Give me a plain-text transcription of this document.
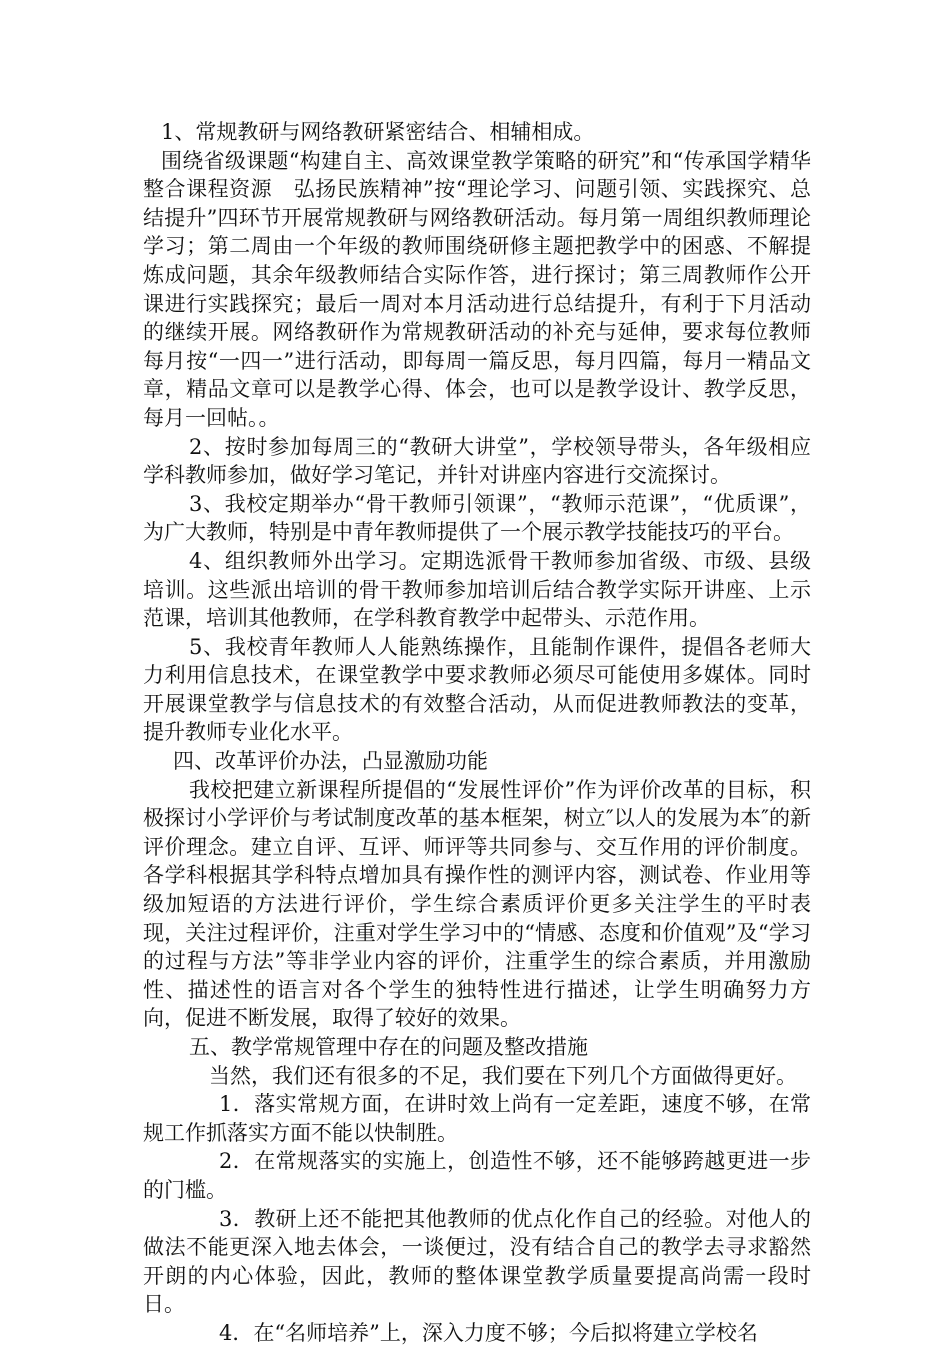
1、常规教研与网络教研紧密结合、相辅相成。

围绕省级课题“构建自主、高效课堂教学策略的研究”和“传承国学精华　整合课程资源　弘扬民族精神”按“理论学习、问题引领、实践探究、总结提升”四环节开展常规教研与网络教研活动。每月第一周组织教师理论学习；第二周由一个年级的教师围绕研修主题把教学中的困惑、不解提炼成问题，其余年级教师结合实际作答，进行探讨；第三周教师作公开课进行实践探究；最后一周对本月活动进行总结提升，有利于下月活动的继续开展。网络教研作为常规教研活动的补充与延伸，要求每位教师每月按“一四一”进行活动，即每周一篇反思，每月四篇，每月一精品文章，精品文章可以是教学心得、体会，也可以是教学设计、教学反思，每月一回帖。。

2、按时参加每周三的“教研大讲堂”，学校领导带头，各年级相应学科教师参加，做好学习笔记，并针对讲座内容进行交流探讨。

3、我校定期举办“骨干教师引领课”，“教师示范课”，“优质课”，为广大教师，特别是中青年教师提供了一个展示教学技能技巧的平台。

4、组织教师外出学习。定期选派骨干教师参加省级、市级、县级培训。这些派出培训的骨干教师参加培训后结合教学实际开讲座、上示范课，培训其他教师，在学科教育教学中起带头、示范作用。

5、我校青年教师人人能熟练操作，且能制作课件，提倡各老师大力利用信息技术，在课堂教学中要求教师必须尽可能使用多媒体。同时开展课堂教学与信息技术的有效整合活动，从而促进教师教法的变革，提升教师专业化水平。

四、改革评价办法，凸显激励功能

我校把建立新课程所提倡的“发展性评价”作为评价改革的目标，积极探讨小学评价与考试制度改革的基本框架，树立″以人的发展为本″的新评价理念。建立自评、互评、师评等共同参与、交互作用的评价制度。各学科根据其学科特点增加具有操作性的测评内容，测试卷、作业用等级加短语的方法进行评价，学生综合素质评价更多关注学生的平时表现，关注过程评价，注重对学生学习中的“情感、态度和价值观”及“学习的过程与方法”等非学业内容的评价，注重学生的综合素质，并用激励性、描述性的语言对各个学生的独特性进行描述，让学生明确努力方向，促进不断发展，取得了较好的效果。

五、教学常规管理中存在的问题及整改措施

当然，我们还有很多的不足，我们要在下列几个方面做得更好。

1．落实常规方面，在讲时效上尚有一定差距，速度不够，在常规工作抓落实方面不能以快制胜。

2．在常规落实的实施上，创造性不够，还不能够跨越更进一步的门槛。

3．教研上还不能把其他教师的优点化作自己的经验。对他人的做法不能更深入地去体会，一谈便过，没有结合自己的教学去寻求豁然开朗的内心体验，因此，教师的整体课堂教学质量要提高尚需一段时日。

4．在“名师培养”上，深入力度不够；今后拟将建立学校名
